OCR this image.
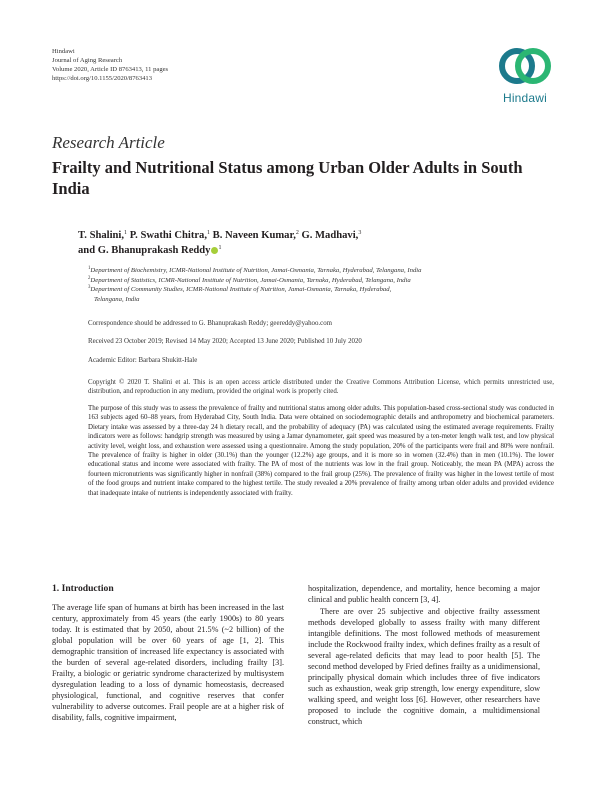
Hindawi
Journal of Aging Research
Volume 2020, Article ID 8763413, 11 pages
https://doi.org/10.1155/2020/8763413
Hindawi
Research Article
Frailty and Nutritional Status among Urban Older Adults in South India
T. Shalini,$^1$ P. Swathi Chitra,$^1$ B. Naveen Kumar,$^2$ G. Madhavi,$^3$
and G. Bhanuprakash Reddy $^1$
$^1$Department of Biochemistry, ICMR-National Institute of Nutrition, Jamai-Osmania, Tarnaka, Hyderabad, Telangana, India
$^2$Department of Statistics, ICMR-National Institute of Nutrition, Jamai-Osmania, Tarnaka, Hyderabad, Telangana, India
$^3$Department of Community Studies, ICMR-National Institute of Nutrition, Jamai-Osmania, Tarnaka, Hyderabad,
Telangana, India
Correspondence should be addressed to G. Bhanuprakash Reddy; geereddy@yahoo.com
Received 23 October 2019; Revised 14 May 2020; Accepted 13 June 2020; Published 10 July 2020
Academic Editor: Barbara Shukitt-Hale
Copyright © 2020 T. Shalini et al. This is an open access article distributed under the Creative Commons Attribution License, which permits unrestricted use, distribution, and reproduction in any medium, provided the original work is properly cited.
The purpose of this study was to assess the prevalence of frailty and nutritional status among older adults. This population-based cross-sectional study was conducted in 163 subjects aged 60–88 years, from Hyderabad City, South India. Data were obtained on sociodemographic details and anthropometry and biochemical parameters. Dietary intake was assessed by a three-day 24 h dietary recall, and the probability of adequacy (PA) was calculated using the estimated average requirements. Frailty indicators were as follows: handgrip strength was measured by using a Jamar dynamometer, gait speed was measured by a ten-meter length walk test, and low physical activity level, weight loss, and exhaustion were assessed using a questionnaire. Among the study population, 20% of the participants were frail and 80% were nonfrail. The prevalence of frailty is higher in older (30.1%) than the younger (12.2%) age groups, and it is more so in women (32.4%) than in men (10.1%). The lower educational status and income were associated with frailty. The PA of most of the nutrients was low in the frail group. Noticeably, the mean PA (MPA) across the fourteen micronutrients was significantly higher in nonfrail (38%) compared to the frail group (25%). The prevalence of frailty was higher in the lowest tertile of most of the food groups and nutrient intake compared to the highest tertile. The study revealed a 20% prevalence of frailty among urban older adults and provided evidence that inadequate intake of nutrients is independently associated with frailty.
1. Introduction
The average life span of humans at birth has been increased in the last century, approximately from 45 years (the early 1900s) to 80 years today. It is estimated that by 2050, about 21.5% (~2 billion) of the global population will be over 60 years of age [1, 2]. This demographic transition of increased life expectancy is associated with the burden of several age-related disorders, including frailty [3]. Frailty, a biologic or geriatric syndrome characterized by multisystem dysregulation leading to a loss of dynamic homeostasis, decreased physiological, functional, and cognitive reserves that confer vulnerability to adverse outcomes. Frail people are at a higher risk of disability, falls, cognitive impairment,
hospitalization, dependence, and mortality, hence becoming a major clinical and public health concern [3, 4].
There are over 25 subjective and objective frailty assessment methods developed globally to assess frailty with many different intangible definitions. The most followed methods of measurement include the Rockwood frailty index, which defines frailty as a result of several age-related deficits that may lead to poor health [5]. The second method developed by Fried defines frailty as a unidimensional, principally physical domain which includes three of five indicators such as exhaustion, weak grip strength, low energy expenditure, slow walking speed, and weight loss [6]. However, other researchers have proposed to include the cognitive domain, a multidimensional construct, which
